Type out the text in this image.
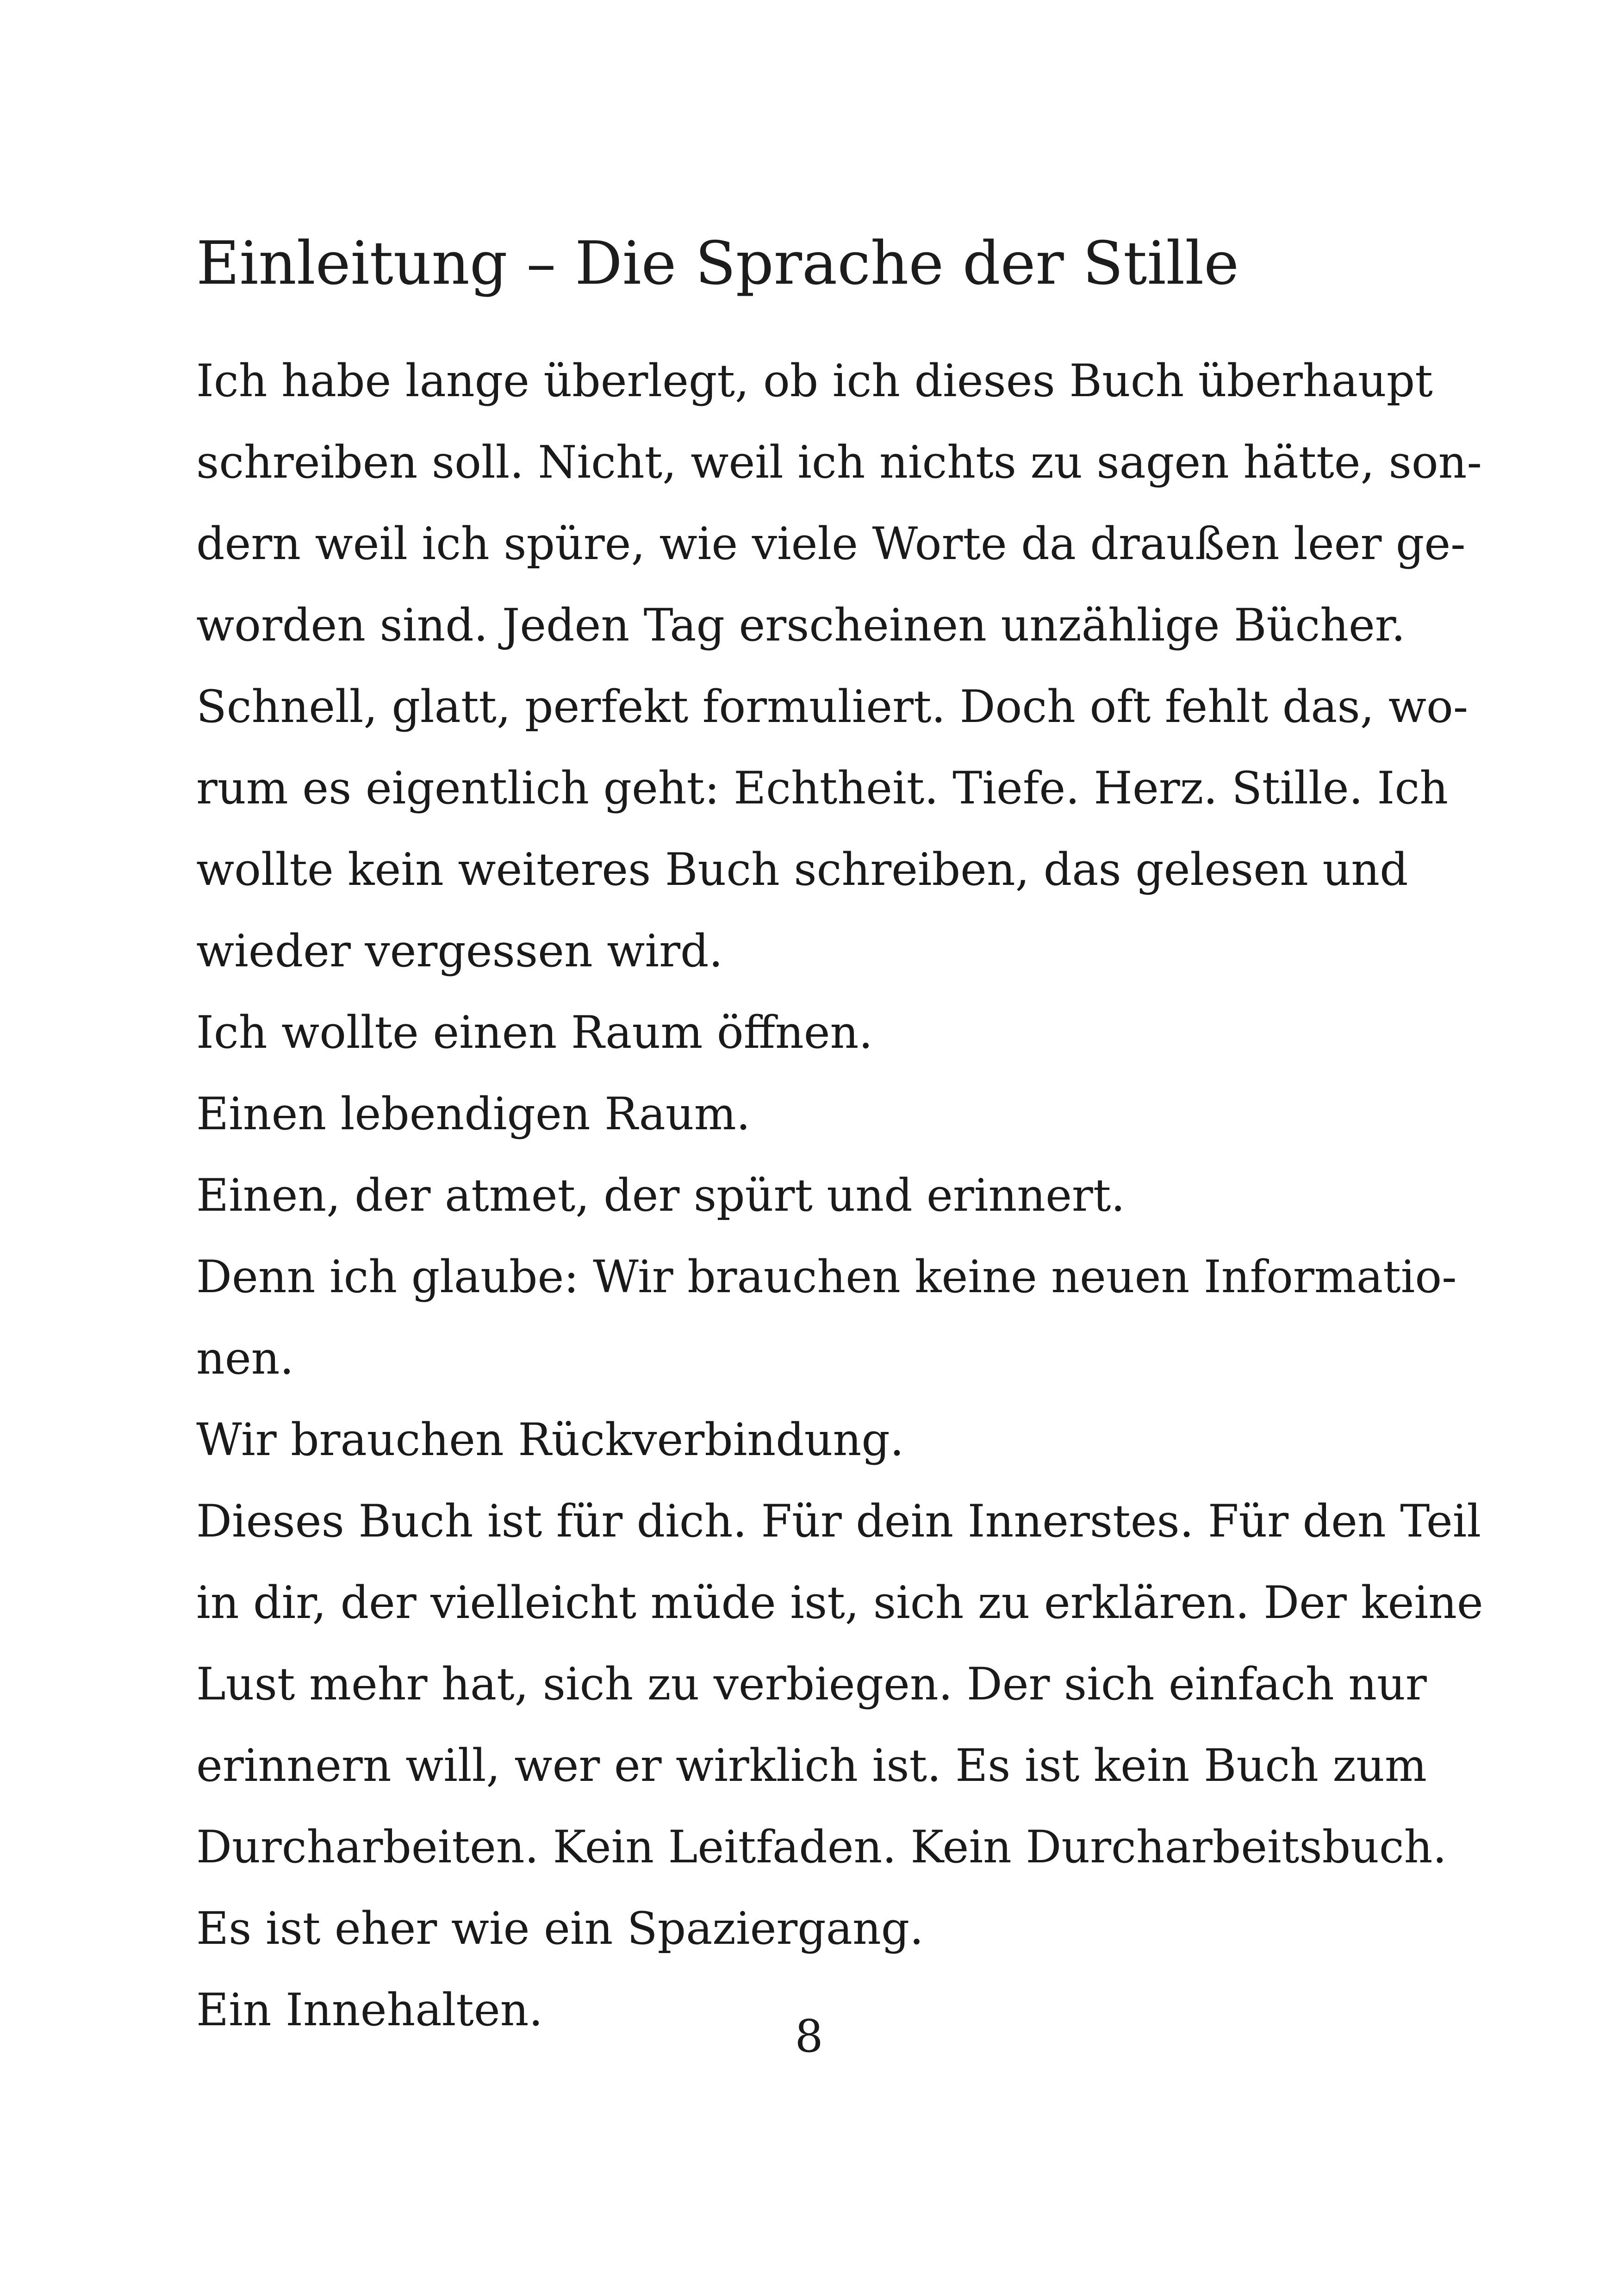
Einleitung – Die Sprache der Stille
Ich habe lange überlegt, ob ich dieses Buch überhaupt
schreiben soll. Nicht, weil ich nichts zu sagen hätte, son-
dern weil ich spüre, wie viele Worte da draußen leer ge-
worden sind. Jeden Tag erscheinen unzählige Bücher.
Schnell, glatt, perfekt formuliert. Doch oft fehlt das, wo-
rum es eigentlich geht: Echtheit. Tiefe. Herz. Stille. Ich
wollte kein weiteres Buch schreiben, das gelesen und
wieder vergessen wird.
Ich wollte einen Raum öffnen.
Einen lebendigen Raum.
Einen, der atmet, der spürt und erinnert.
Denn ich glaube: Wir brauchen keine neuen Informatio-
nen.
Wir brauchen Rückverbindung.
Dieses Buch ist für dich. Für dein Innerstes. Für den Teil
in dir, der vielleicht müde ist, sich zu erklären. Der keine
Lust mehr hat, sich zu verbiegen. Der sich einfach nur
erinnern will, wer er wirklich ist. Es ist kein Buch zum
Durcharbeiten. Kein Leitfaden. Kein Durcharbeitsbuch.
Es ist eher wie ein Spaziergang.
Ein Innehalten.
8
